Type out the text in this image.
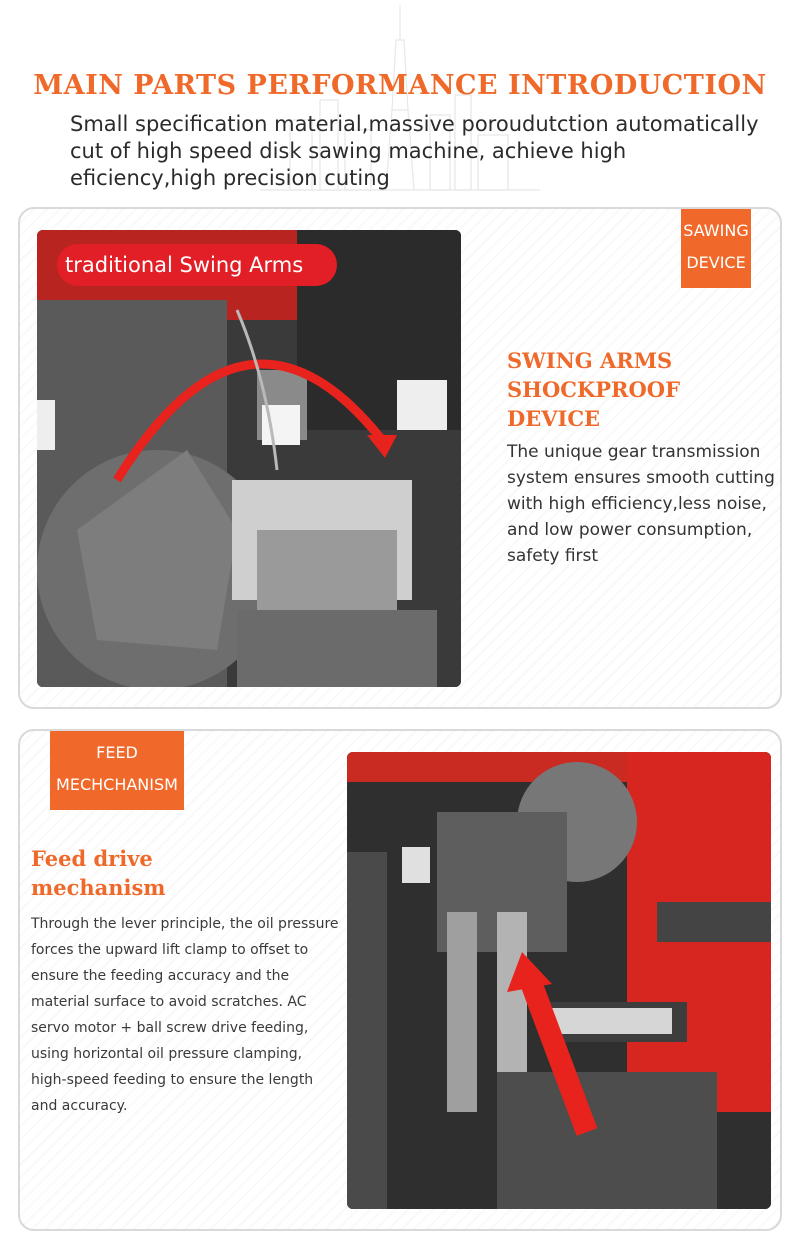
MAIN PARTS PERFORMANCE INTRODUCTION
Small specification material,massive poroudutction automatically cut of high speed disk sawing machine, achieve high eficiency,high precision cuting
traditional Swing Arms
SAWING
DEVICE
SWING ARMS
SHOCKPROOF DEVICE
The unique gear transmission system ensures smooth cutting with high efficiency,less noise, and low power consumption, safety first
FEED
MECHCHANISM
Feed drive
mechanism
Through the lever principle, the oil pressure forces the upward lift clamp to offset to ensure the feeding accuracy and the material surface to avoid scratches. AC servo motor + ball screw drive feeding, using horizontal oil pressure clamping, high-speed feeding to ensure the length and accuracy.
